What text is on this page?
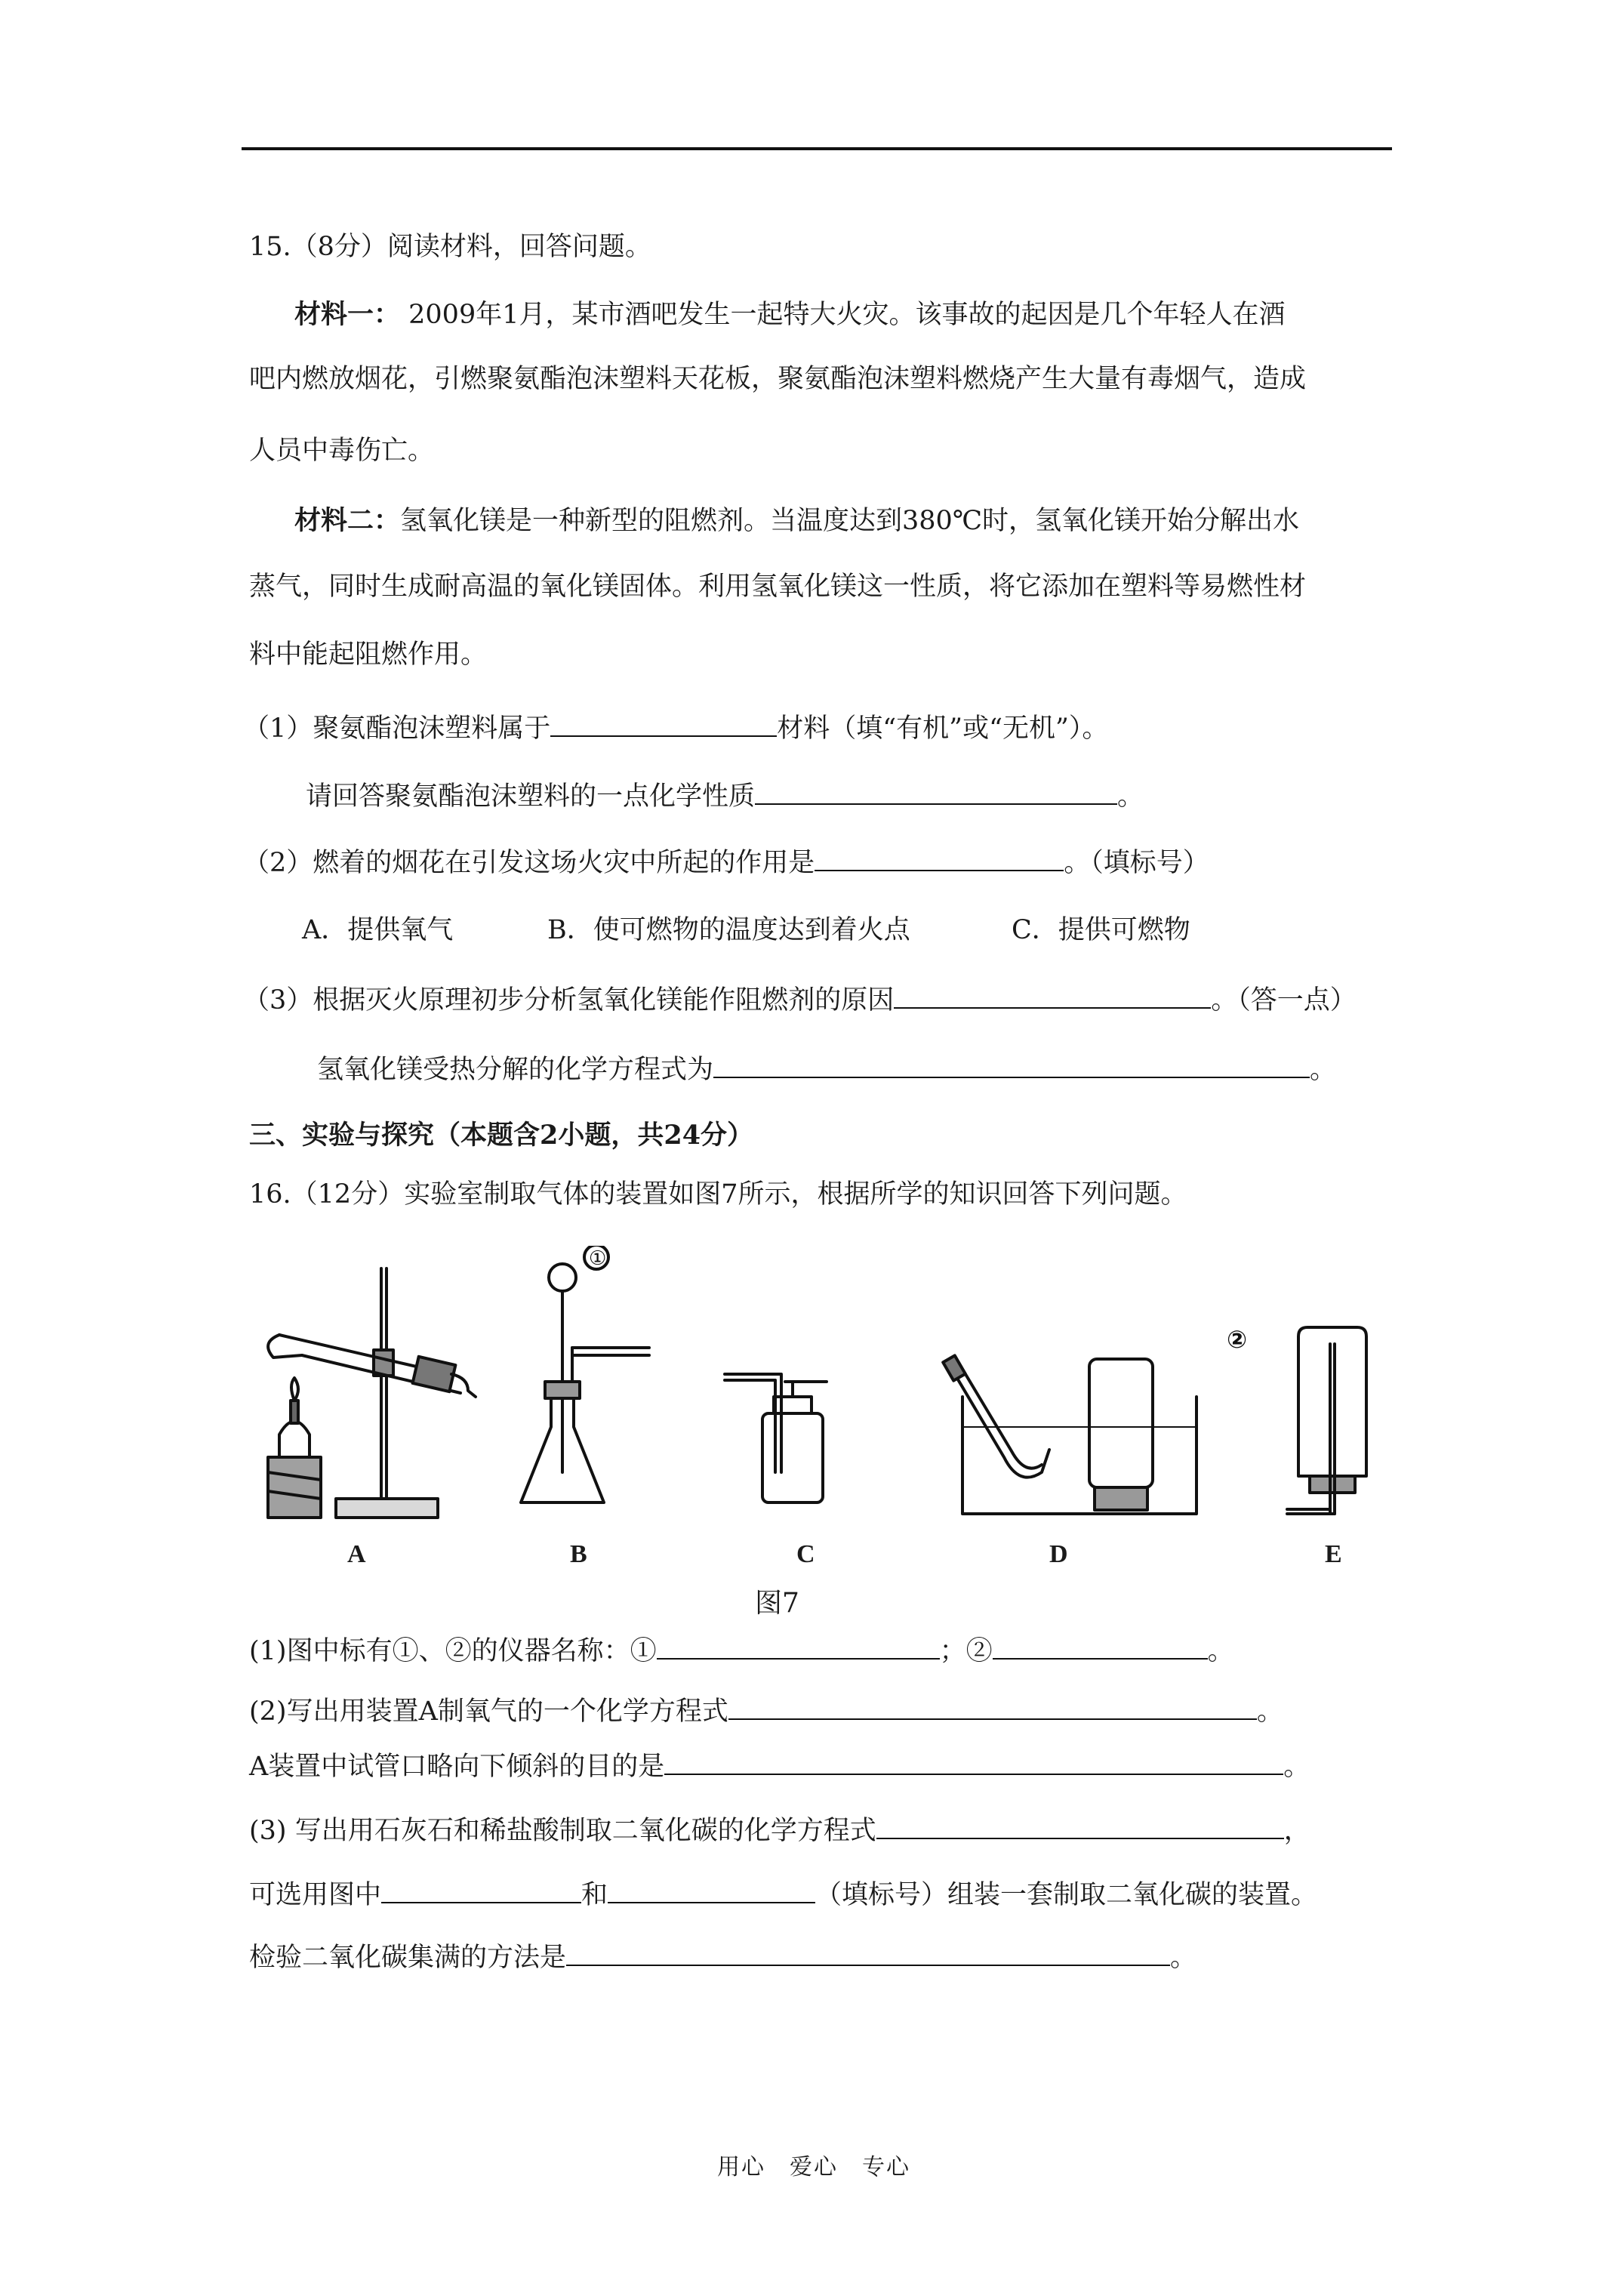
15.（8分）阅读材料，回答问题。
材料一： 2009年1月，某市酒吧发生一起特大火灾。该事故的起因是几个年轻人在酒
吧内燃放烟花，引燃聚氨酯泡沫塑料天花板，聚氨酯泡沫塑料燃烧产生大量有毒烟气，造成
人员中毒伤亡。
材料二：氢氧化镁是一种新型的阻燃剂。当温度达到380℃时，氢氧化镁开始分解出水
蒸气，同时生成耐高温的氧化镁固体。利用氢氧化镁这一性质，将它添加在塑料等易燃性材
料中能起阻燃作用。
（1）聚氨酯泡沫塑料属于	材料（填“有机”或“无机”）。
请回答聚氨酯泡沫塑料的一点化学性质	。
（2）燃着的烟花在引发这场火灾中所起的作用是	。（填标号）
A．提供氧气	B．使可燃物的温度达到着火点	C．提供可燃物
（3）根据灭火原理初步分析氢氧化镁能作阻燃剂的原因	。（答一点）
氢氧化镁受热分解的化学方程式为	。
三、实验与探究（本题含2小题，共24分）
16.（12分）实验室制取气体的装置如图7所示，根据所学的知识回答下列问题。
①
②
A	B	C	D	E
图7
(1)图中标有①、②的仪器名称：①	；②	。
(2)写出用装置A制氧气的一个化学方程式	。
A装置中试管口略向下倾斜的目的是	。
(3) 写出用石灰石和稀盐酸制取二氧化碳的化学方程式	，
可选用图中	和	（填标号）组装一套制取二氧化碳的装置。
检验二氧化碳集满的方法是	。
用心　爱心　专心
